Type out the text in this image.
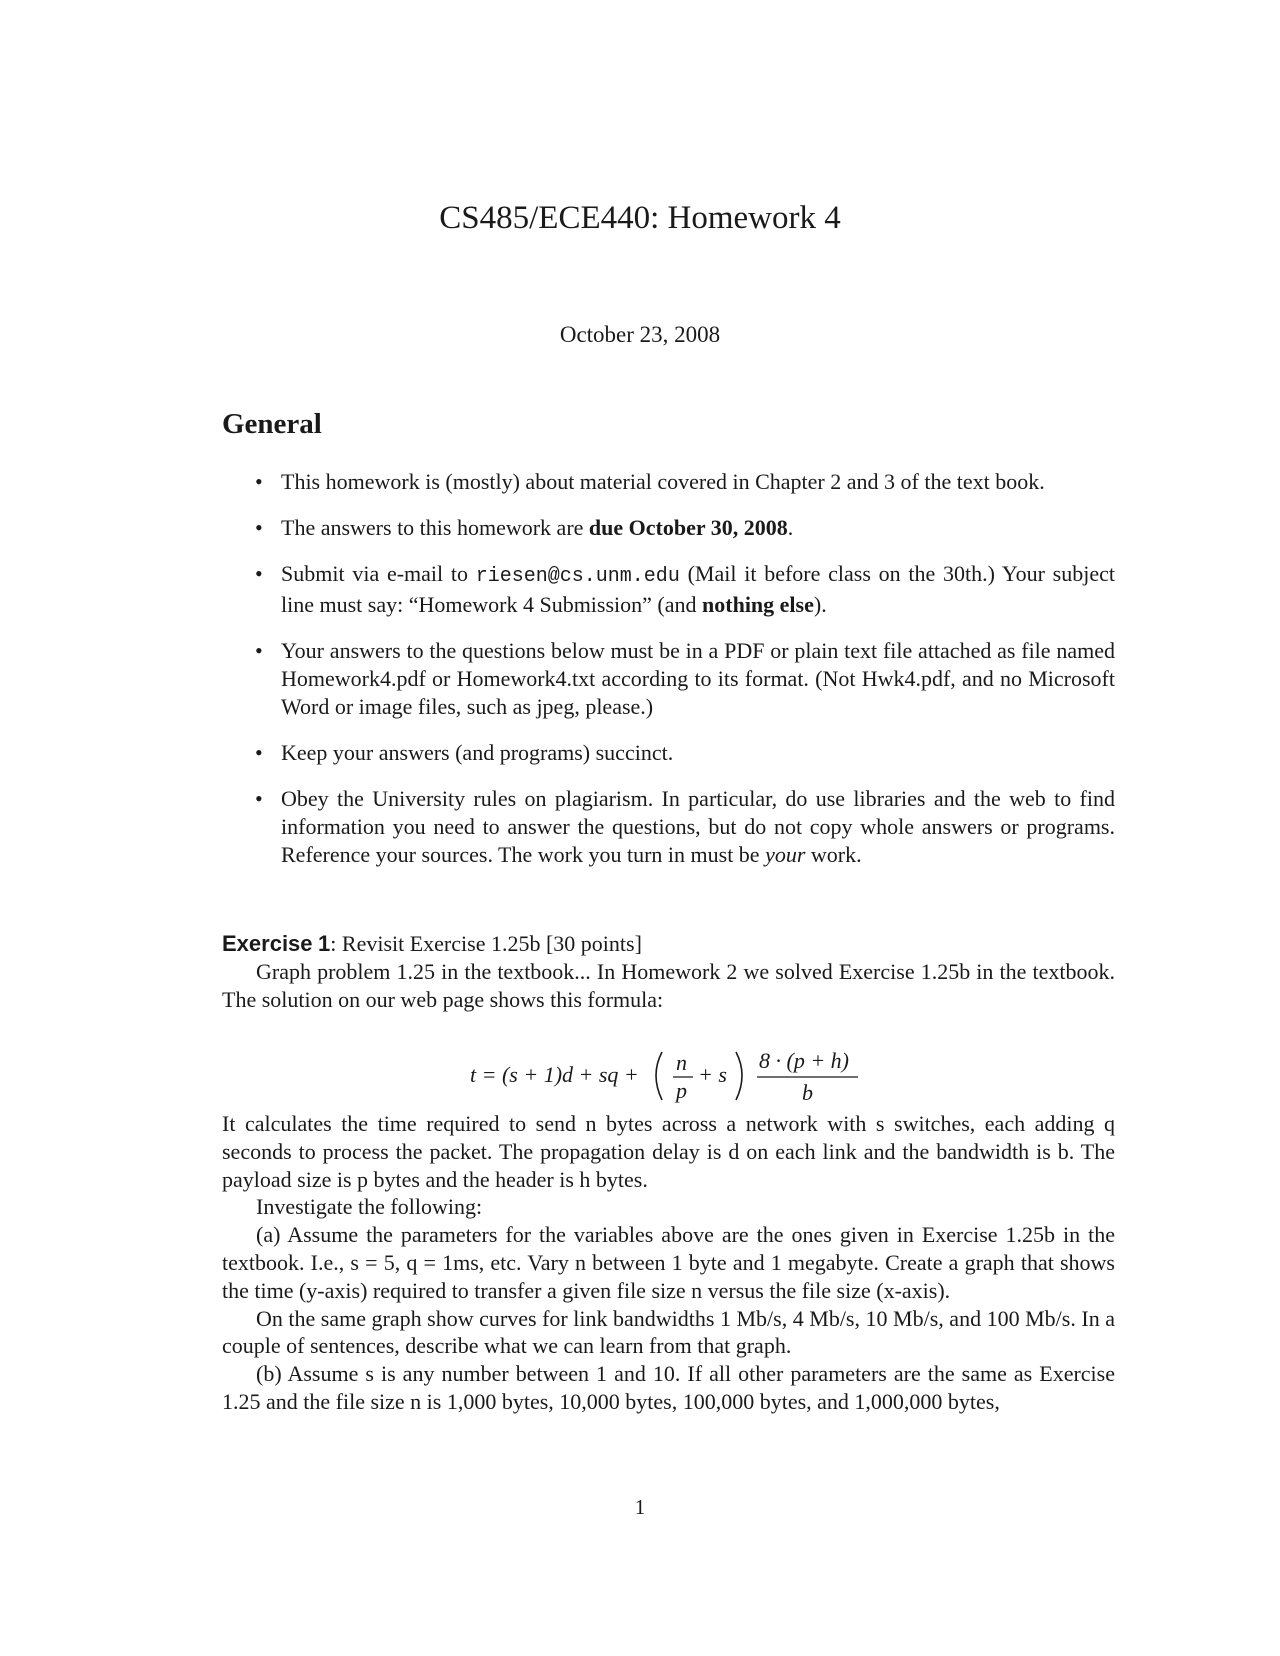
CS485/ECE440: Homework 4
October 23, 2008
General
• This homework is (mostly) about material covered in Chapter 2 and 3 of the text book.
• The answers to this homework are due October 30, 2008.
• Submit via e-mail to riesen@cs.unm.edu (Mail it before class on the 30th.) Your subject line must say: “Homework 4 Submission” (and nothing else).
• Your answers to the questions below must be in a PDF or plain text file attached as file named Homework4.pdf or Homework4.txt according to its format. (Not Hwk4.pdf, and no Microsoft Word or image files, such as jpeg, please.)
• Keep your answers (and programs) succinct.
• Obey the University rules on plagiarism. In particular, do use libraries and the web to find information you need to answer the questions, but do not copy whole answers or programs. Reference your sources. The work you turn in must be your work.

Exercise 1: Revisit Exercise 1.25b [30 points]

Graph problem 1.25 in the textbook... In Homework 2 we solved Exercise 1.25b in the textbook. The solution on our web page shows this formula:

t = (s + 1)d + sq + n
p
+ s
8 · (p + h)
b

It calculates the time required to send n bytes across a network with s switches, each adding q seconds to process the packet. The propagation delay is d on each link and the bandwidth is b. The payload size is p bytes and the header is h bytes.

Investigate the following:

(a) Assume the parameters for the variables above are the ones given in Exercise 1.25b in the textbook. I.e., s = 5, q = 1ms, etc. Vary n between 1 byte and 1 megabyte. Create a graph that shows the time (y-axis) required to transfer a given file size n versus the file size (x-axis).

On the same graph show curves for link bandwidths 1 Mb/s, 4 Mb/s, 10 Mb/s, and 100 Mb/s. In a couple of sentences, describe what we can learn from that graph.

(b) Assume s is any number between 1 and 10. If all other parameters are the same as Exercise 1.25 and the file size n is 1,000 bytes, 10,000 bytes, 100,000 bytes, and 1,000,000 bytes,

1
